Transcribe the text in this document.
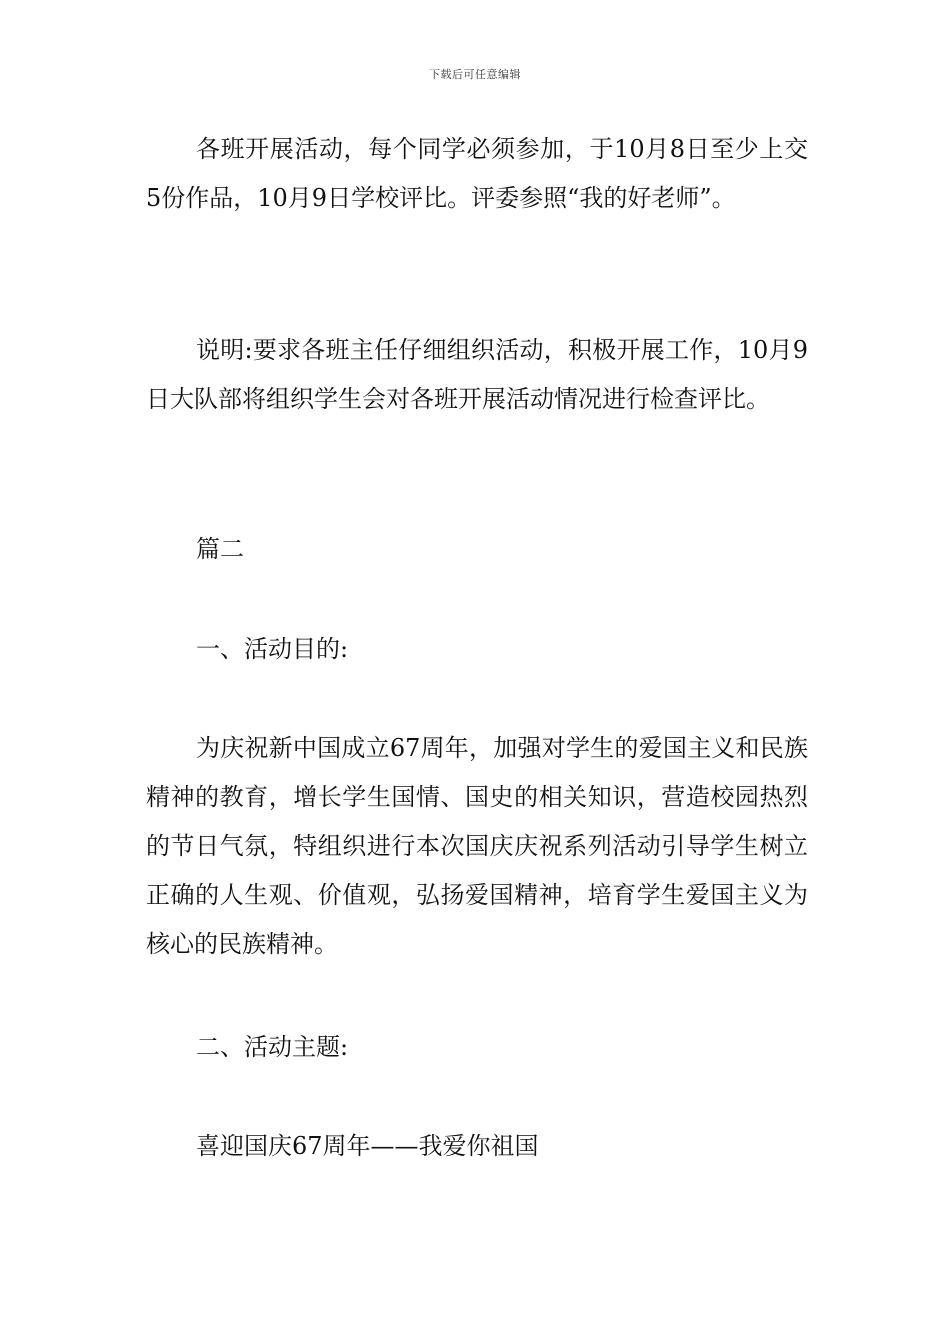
下载后可任意编辑

各班开展活动，每个同学必须参加，于10月8日至少上交5份作品，10月9日学校评比。评委参照“我的好老师”。

说明:要求各班主任仔细组织活动，积极开展工作，10月9日大队部将组织学生会对各班开展活动情况进行检查评比。

篇二

一、活动目的:

为庆祝新中国成立67周年，加强对学生的爱国主义和民族精神的教育，增长学生国情、国史的相关知识，营造校园热烈的节日气氛，特组织进行本次国庆庆祝系列活动引导学生树立正确的人生观、价值观，弘扬爱国精神，培育学生爱国主义为核心的民族精神。

二、活动主题:

喜迎国庆67周年——我爱你祖国
